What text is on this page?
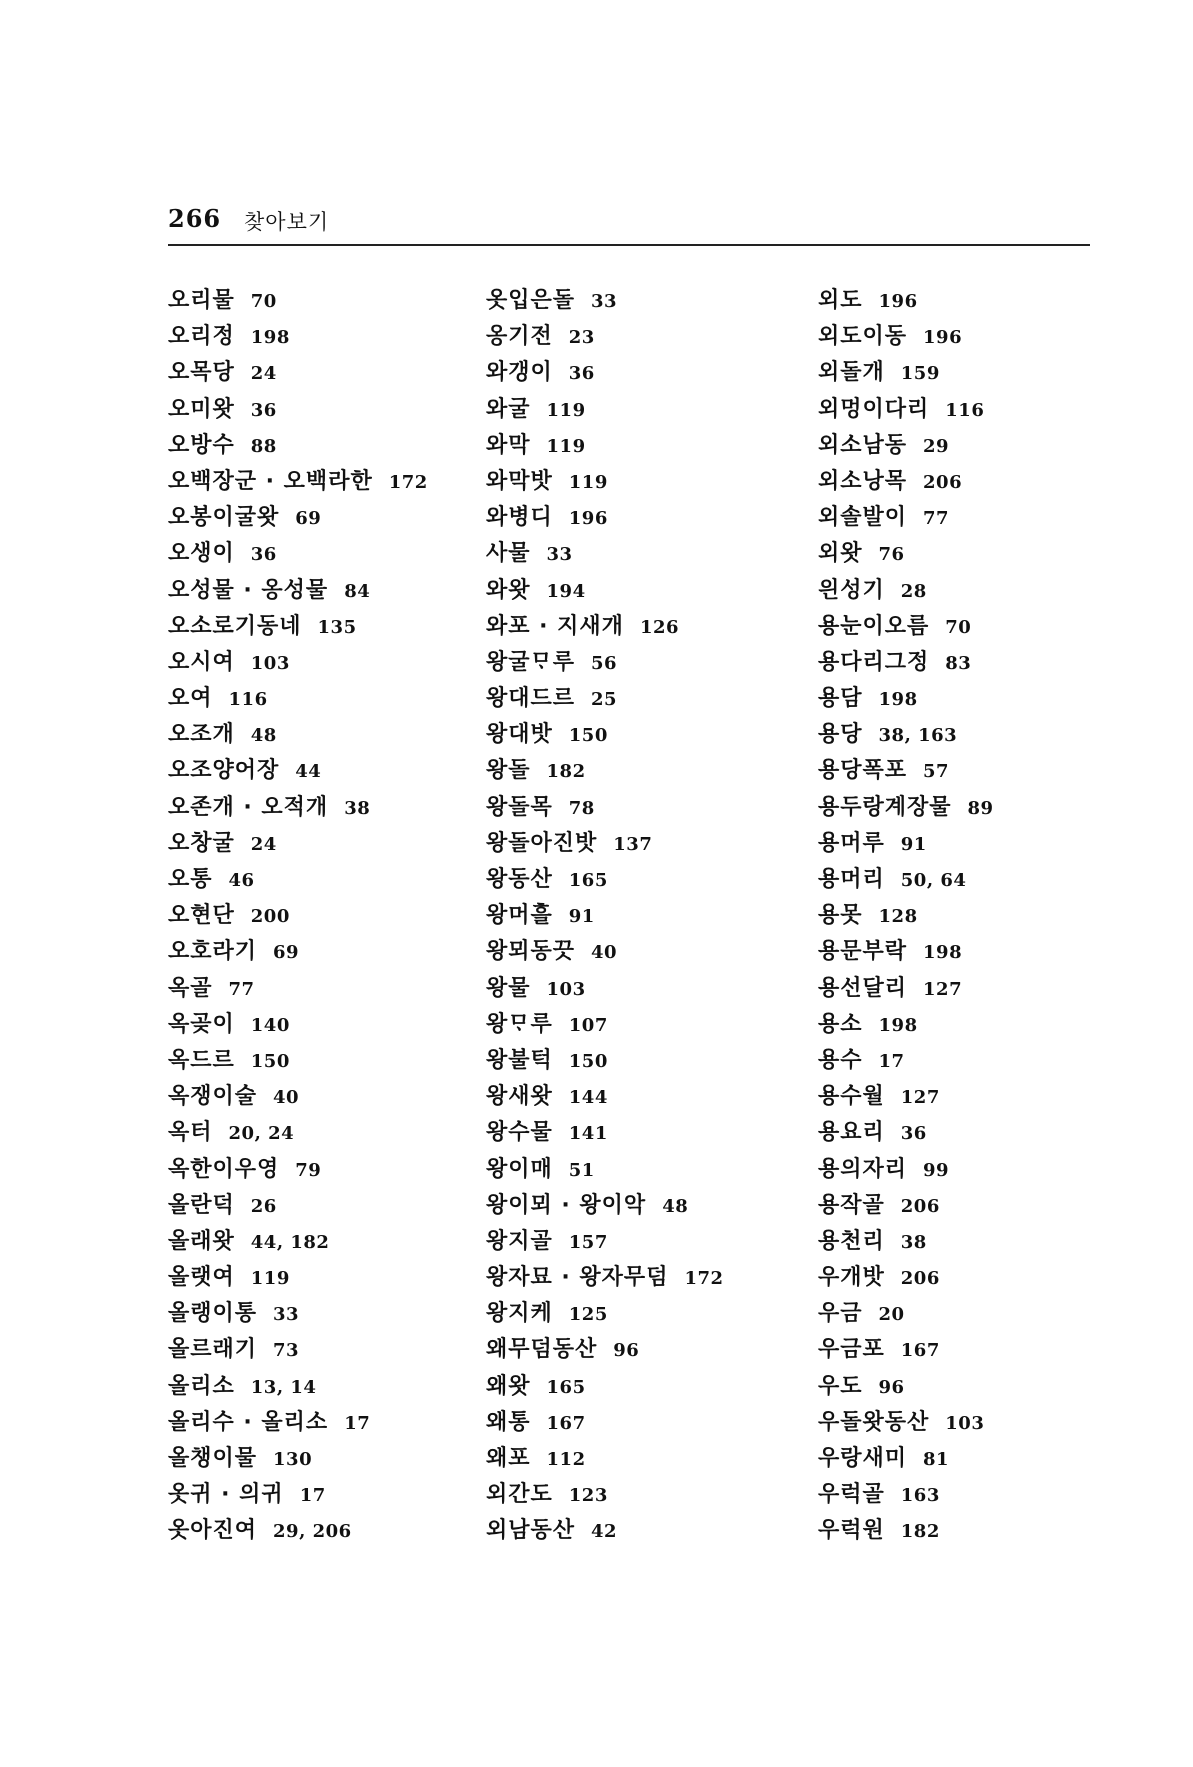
266 찾아보기
오리물 70
오리정 198
오목당 24
오미왓 36
오방수 88
오백장군 · 오백라한 172
오봉이굴왓 69
오생이 36
오성물 · 옹성물 84
오소로기동네 135
오시여 103
오여 116
오조개 48
오조양어장 44
오존개 · 오적개 38
오창굴 24
오통 46
오현단 200
오호라기 69
옥골 77
옥곶이 140
옥드르 150
옥쟁이술 40
옥터 20, 24
옥한이우영 79
올란덕 26
올래왓 44, 182
올랫여 119
올랭이통 33
올르래기 73
올리소 13, 14
올리수 · 올리소 17
올챙이물 130
옷귀 · 의귀 17
옷아진여 29, 206
옷입은돌 33
옹기전 23
와갱이 36
와굴 119
와막 119
와막밧 119
와병디 196
사물 33
와왓 194
와포 · 지새개 126
왕굴ᄆᆞ루 56
왕대드르 25
왕대밧 150
왕돌 182
왕돌목 78
왕돌아진밧 137
왕동산 165
왕머흘 91
왕뫼동끗 40
왕물 103
왕ᄆᆞ루 107
왕불턱 150
왕새왓 144
왕수물 141
왕이매 51
왕이뫼 · 왕이악 48
왕지골 157
왕자묘 · 왕자무덤 172
왕지케 125
왜무덤동산 96
왜왓 165
왜통 167
왜포 112
외간도 123
외남동산 42
외도 196
외도이동 196
외돌개 159
외멍이다리 116
외소남동 29
외소낭목 206
외솔발이 77
외왓 76
읜성기 28
용눈이오름 70
용다리그정 83
용담 198
용당 38, 163
용당폭포 57
용두랑계장물 89
용머루 91
용머리 50, 64
용못 128
용문부락 198
용선달리 127
용소 198
용수 17
용수월 127
용요리 36
용의자리 99
용작골 206
용천리 38
우개밧 206
우금 20
우금포 167
우도 96
우돌왓동산 103
우랑새미 81
우럭골 163
우럭원 182
